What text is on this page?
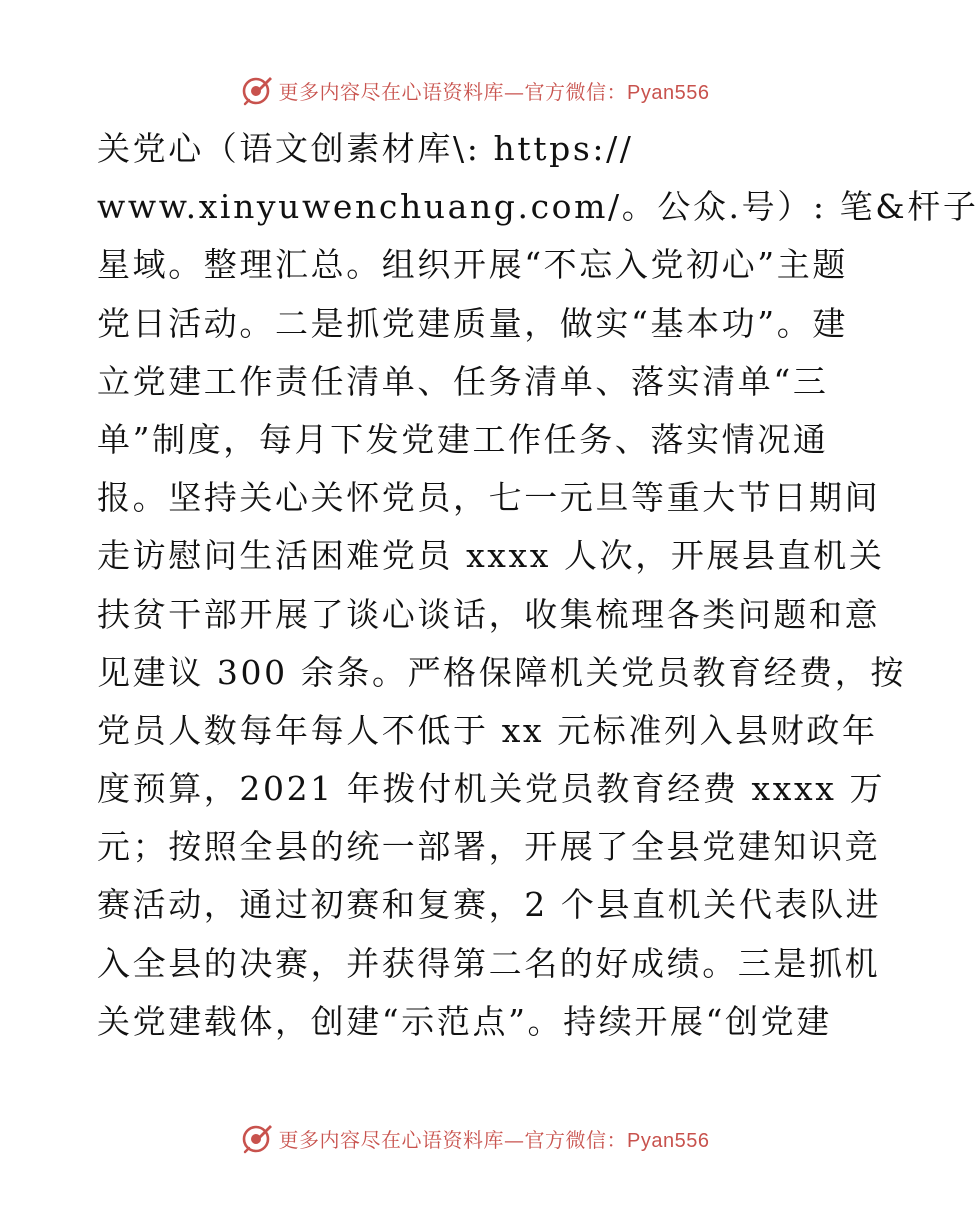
更多内容尽在心语资料库—官方微信：Pyan556
关党心（语文创素材库\: https://
www.xinyuwenchuang.com/。公众.号）: 笔&杆子
星域。整理汇总。组织开展“不忘入党初心”主题
党日活动。二是抓党建质量，做实“基本功”。建
立党建工作责任清单、任务清单、落实清单“三
单”制度，每月下发党建工作任务、落实情况通
报。坚持关心关怀党员，七一元旦等重大节日期间
走访慰问生活困难党员 xxxx 人次，开展县直机关
扶贫干部开展了谈心谈话，收集梳理各类问题和意
见建议 300 余条。严格保障机关党员教育经费，按
党员人数每年每人不低于 xx 元标准列入县财政年
度预算，2021 年拨付机关党员教育经费 xxxx 万
元；按照全县的统一部署，开展了全县党建知识竞
赛活动，通过初赛和复赛，2 个县直机关代表队进
入全县的决赛，并获得第二名的好成绩。三是抓机
关党建载体，创建“示范点”。持续开展“创党建
更多内容尽在心语资料库—官方微信：Pyan556
